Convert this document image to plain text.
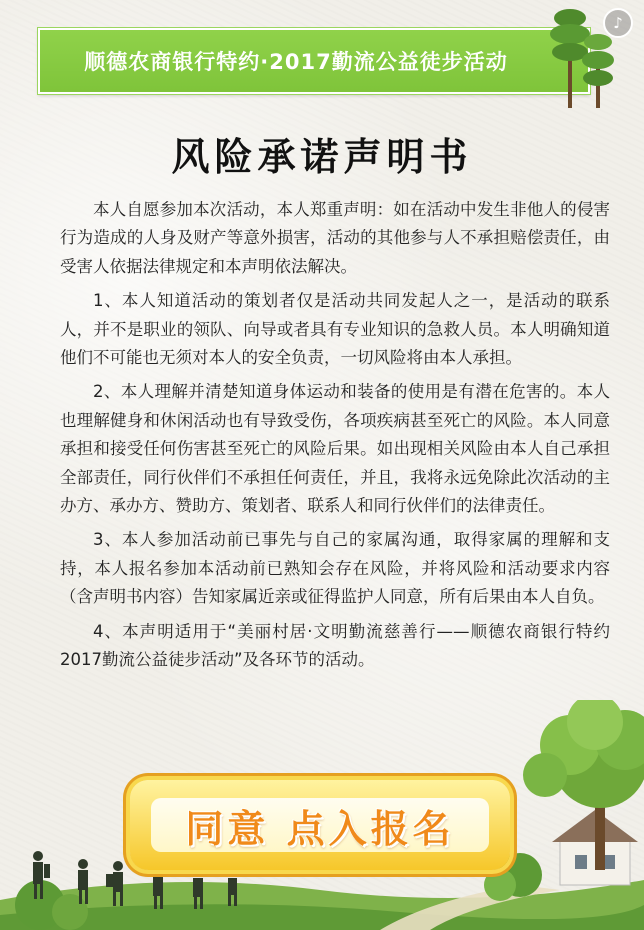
顺德农商银行特约·2017勤流公益徒步活动
♪
风险承诺声明书

本人自愿参加本次活动，本人郑重声明：如在活动中发生非他人的侵害行为造成的人身及财产等意外损害，活动的其他参与人不承担赔偿责任，由受害人依据法律规定和本声明依法解决。

1、本人知道活动的策划者仅是活动共同发起人之一，是活动的联系人，并不是职业的领队、向导或者具有专业知识的急救人员。本人明确知道他们不可能也无须对本人的安全负责，一切风险将由本人承担。

2、本人理解并清楚知道身体运动和装备的使用是有潜在危害的。本人也理解健身和休闲活动也有导致受伤，各项疾病甚至死亡的风险。本人同意承担和接受任何伤害甚至死亡的风险后果。如出现相关风险由本人自己承担全部责任，同行伙伴们不承担任何责任，并且，我将永远免除此次活动的主办方、承办方、赞助方、策划者、联系人和同行伙伴们的法律责任。

3、本人参加活动前已事先与自己的家属沟通，取得家属的理解和支持，本人报名参加本活动前已熟知会存在风险，并将风险和活动要求内容（含声明书内容）告知家属近亲或征得监护人同意，所有后果由本人自负。

4、本声明适用于“美丽村居·文明勤流慈善行——顺德农商银行特约2017勤流公益徒步活动”及各环节的活动。

同意 点入报名
